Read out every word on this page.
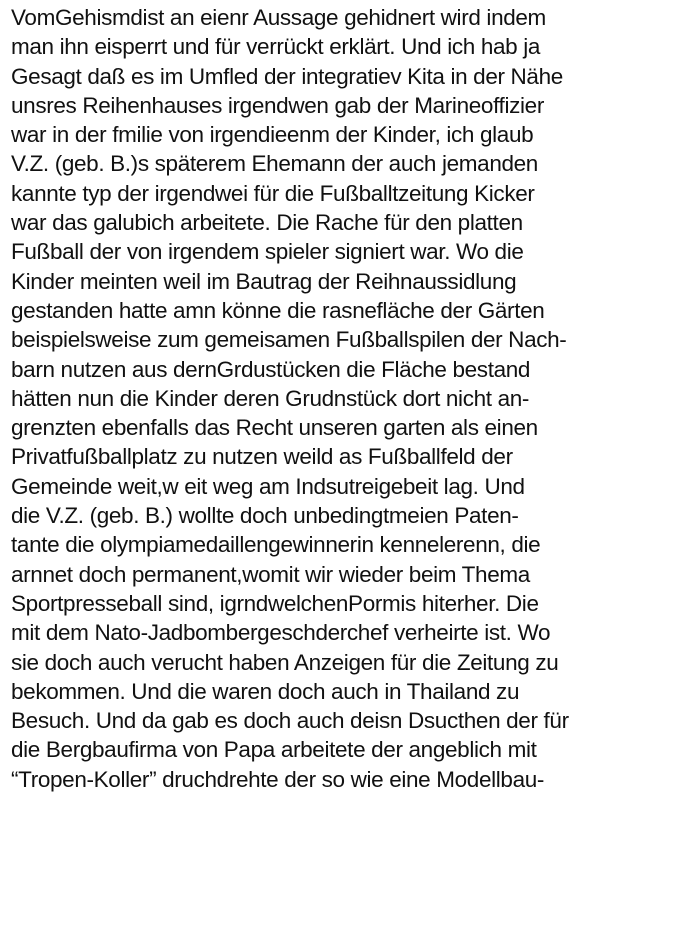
VomGehismdist an eienr Aussage gehidnert wird indem
man ihn eisperrt und für verrückt erklärt. Und ich hab ja
Gesagt daß es im Umfled der integratiev Kita in der Nähe
unsres Reihenhauses irgendwen gab der Marineoffizier
war in der fmilie von irgendieenm der Kinder, ich glaub
V.Z. (geb. B.)s späterem Ehemann der auch jemanden
kannte typ der irgendwei für die Fußballtzeitung Kicker
war das galubich arbeitete. Die Rache für den platten
Fußball der von irgendem spieler signiert war. Wo die
Kinder meinten weil im Bautrag der Reihnaussidlung
gestanden hatte amn könne die rasnefläche der Gärten
beispielsweise zum gemeisamen Fußballspilen der Nach-
barn nutzen aus dernGrdustücken die Fläche bestand
hätten nun die Kinder deren Grudnstück dort nicht an-
grenzten ebenfalls das Recht unseren garten als einen
Privatfußballplatz zu nutzen weild as Fußballfeld der
Gemeinde weit,w eit weg am Indsutreigebeit lag. Und
die V.Z. (geb. B.) wollte doch unbedingtmeien Paten-
tante die olympiamedaillengewinnerin kennelerenn, die
arnnet doch permanent,womit wir wieder beim Thema
Sportpresseball sind, igrndwelchenPormis hiterher. Die
mit dem Nato-Jadbombergeschderchef verheirte ist. Wo
sie doch auch verucht haben Anzeigen für die Zeitung zu
bekommen. Und die waren doch auch in Thailand zu
Besuch. Und da gab es doch auch deisn Dsucthen der für
die Bergbaufirma von Papa arbeitete der angeblich mit
“Tropen-Koller” druchdrehte der so wie eine Modellbau-
